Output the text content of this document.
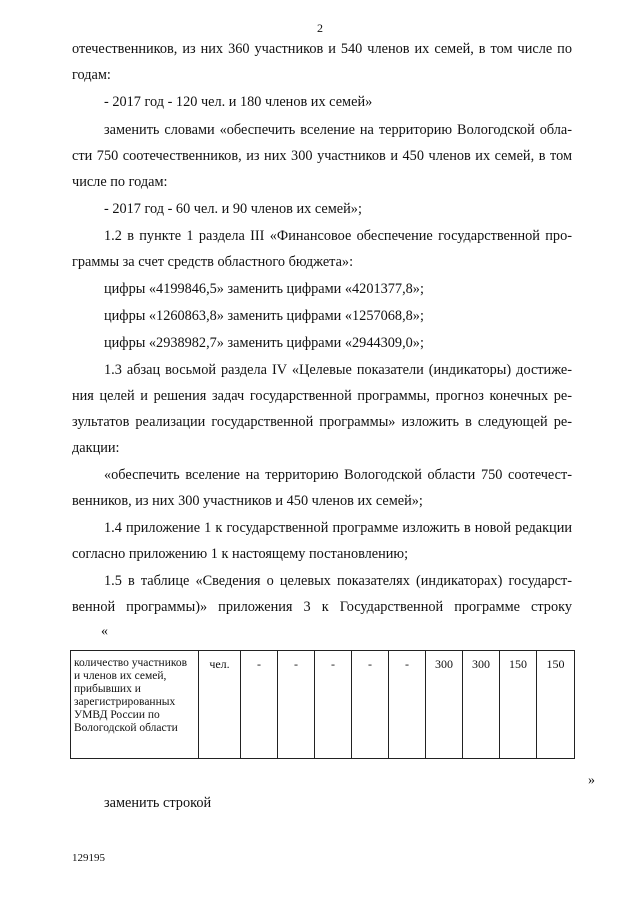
2
отечественников, из них 360 участников и 540 членов их семей, в том числе по
годам:
- 2017 год - 120 чел. и 180 членов их семей»
заменить словами «обеспечить вселение на территорию Вологодской обла-
сти 750 соотечественников, из них 300 участников и 450 членов их семей, в том
числе по годам:
- 2017 год - 60 чел. и 90 членов их семей»;
1.2 в пункте 1 раздела III «Финансовое обеспечение государственной про-
граммы за счет средств областного бюджета»:
цифры «4199846,5» заменить цифрами «4201377,8»;
цифры «1260863,8» заменить цифрами «1257068,8»;
цифры «2938982,7» заменить цифрами «2944309,0»;
1.3 абзац восьмой раздела IV «Целевые показатели (индикаторы) достиже-
ния целей и решения задач государственной программы, прогноз конечных ре-
зультатов реализации государственной программы» изложить в следующей ре-
дакции:
«обеспечить вселение на территорию Вологодской области 750 соотечест-
венников, из них 300 участников и 450 членов их семей»;
1.4 приложение 1 к государственной программе изложить в новой редакции
согласно приложению 1 к настоящему постановлению;
1.5 в таблице «Сведения о целевых показателях (индикаторах) государст-
венной программы)» приложения 3 к Государственной программе строку
«
количество участников и членов их семей, прибывших и зарегистрированных УМВД России по Вологодской области	чел.	-	-	-	-	-	300	300	150	150
»
заменить строкой
129195
